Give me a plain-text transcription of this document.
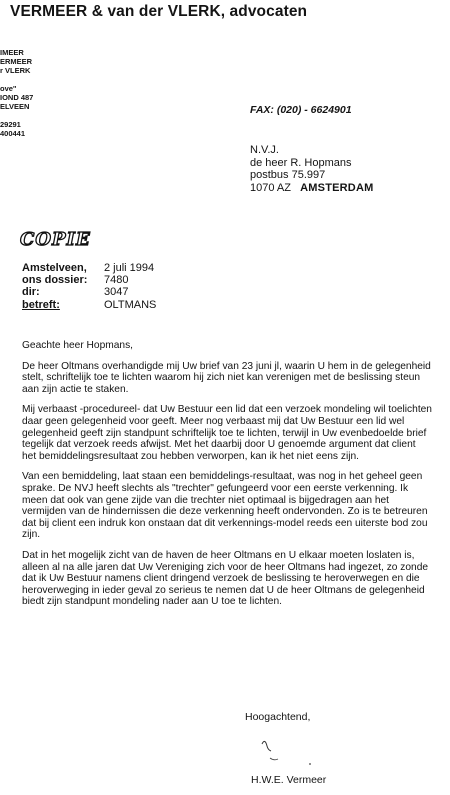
VERMEER & van der VLERK, advocaten
IMEER
ERMEER
r VLERK
ove"
IOND 487
ELVEEN
29291
400441
FAX: (020) - 6624901
N.V.J.
de heer R. Hopmans
postbus 75.997
1070 AZ AMSTERDAM
COPIE
Amstelveen,	2 juli 1994
ons dossier:	7480
dir:	3047
betreft:	OLTMANS

Geachte heer Hopmans,

De heer Oltmans overhandigde mij Uw brief van 23 juni jl, waarin U hem in de gelegenheid stelt, schriftelijk toe te lichten waarom hij zich niet kan verenigen met de beslissing steun aan zijn actie te staken.

Mij verbaast -procedureel- dat Uw Bestuur een lid dat een verzoek mondeling wil toelichten daar geen gelegenheid voor geeft. Meer nog verbaast mij dat Uw Bestuur een lid wel gelegenheid geeft zijn standpunt schriftelijk toe te lichten, terwijl in Uw evenbedoelde brief tegelijk dat verzoek reeds afwijst. Met het daarbij door U genoemde argument dat client het bemiddelingsresultaat zou hebben verworpen, kan ik het niet eens zijn.

Van een bemiddeling, laat staan een bemiddelings-resultaat, was nog in het geheel geen sprake. De NVJ heeft slechts als "trechter" gefungeerd voor een eerste verkenning. Ik meen dat ook van gene zijde van die trechter niet optimaal is bijgedragen aan het vermijden van de hindernissen die deze verkenning heeft ondervonden. Zo is te betreuren dat bij client een indruk kon onstaan dat dit verkennings-model reeds een uiterste bod zou zijn.

Dat in het mogelijk zicht van de haven de heer Oltmans en U elkaar moeten loslaten is, alleen al na alle jaren dat Uw Vereniging zich voor de heer Oltmans had ingezet, zo zonde dat ik Uw Bestuur namens client dringend verzoek de beslissing te heroverwegen en die heroverweging in ieder geval zo serieus te nemen dat U de heer Oltmans de gelegenheid biedt zijn standpunt mondeling nader aan U toe te lichten.

Hoogachtend,
H.W.E. Vermeer
